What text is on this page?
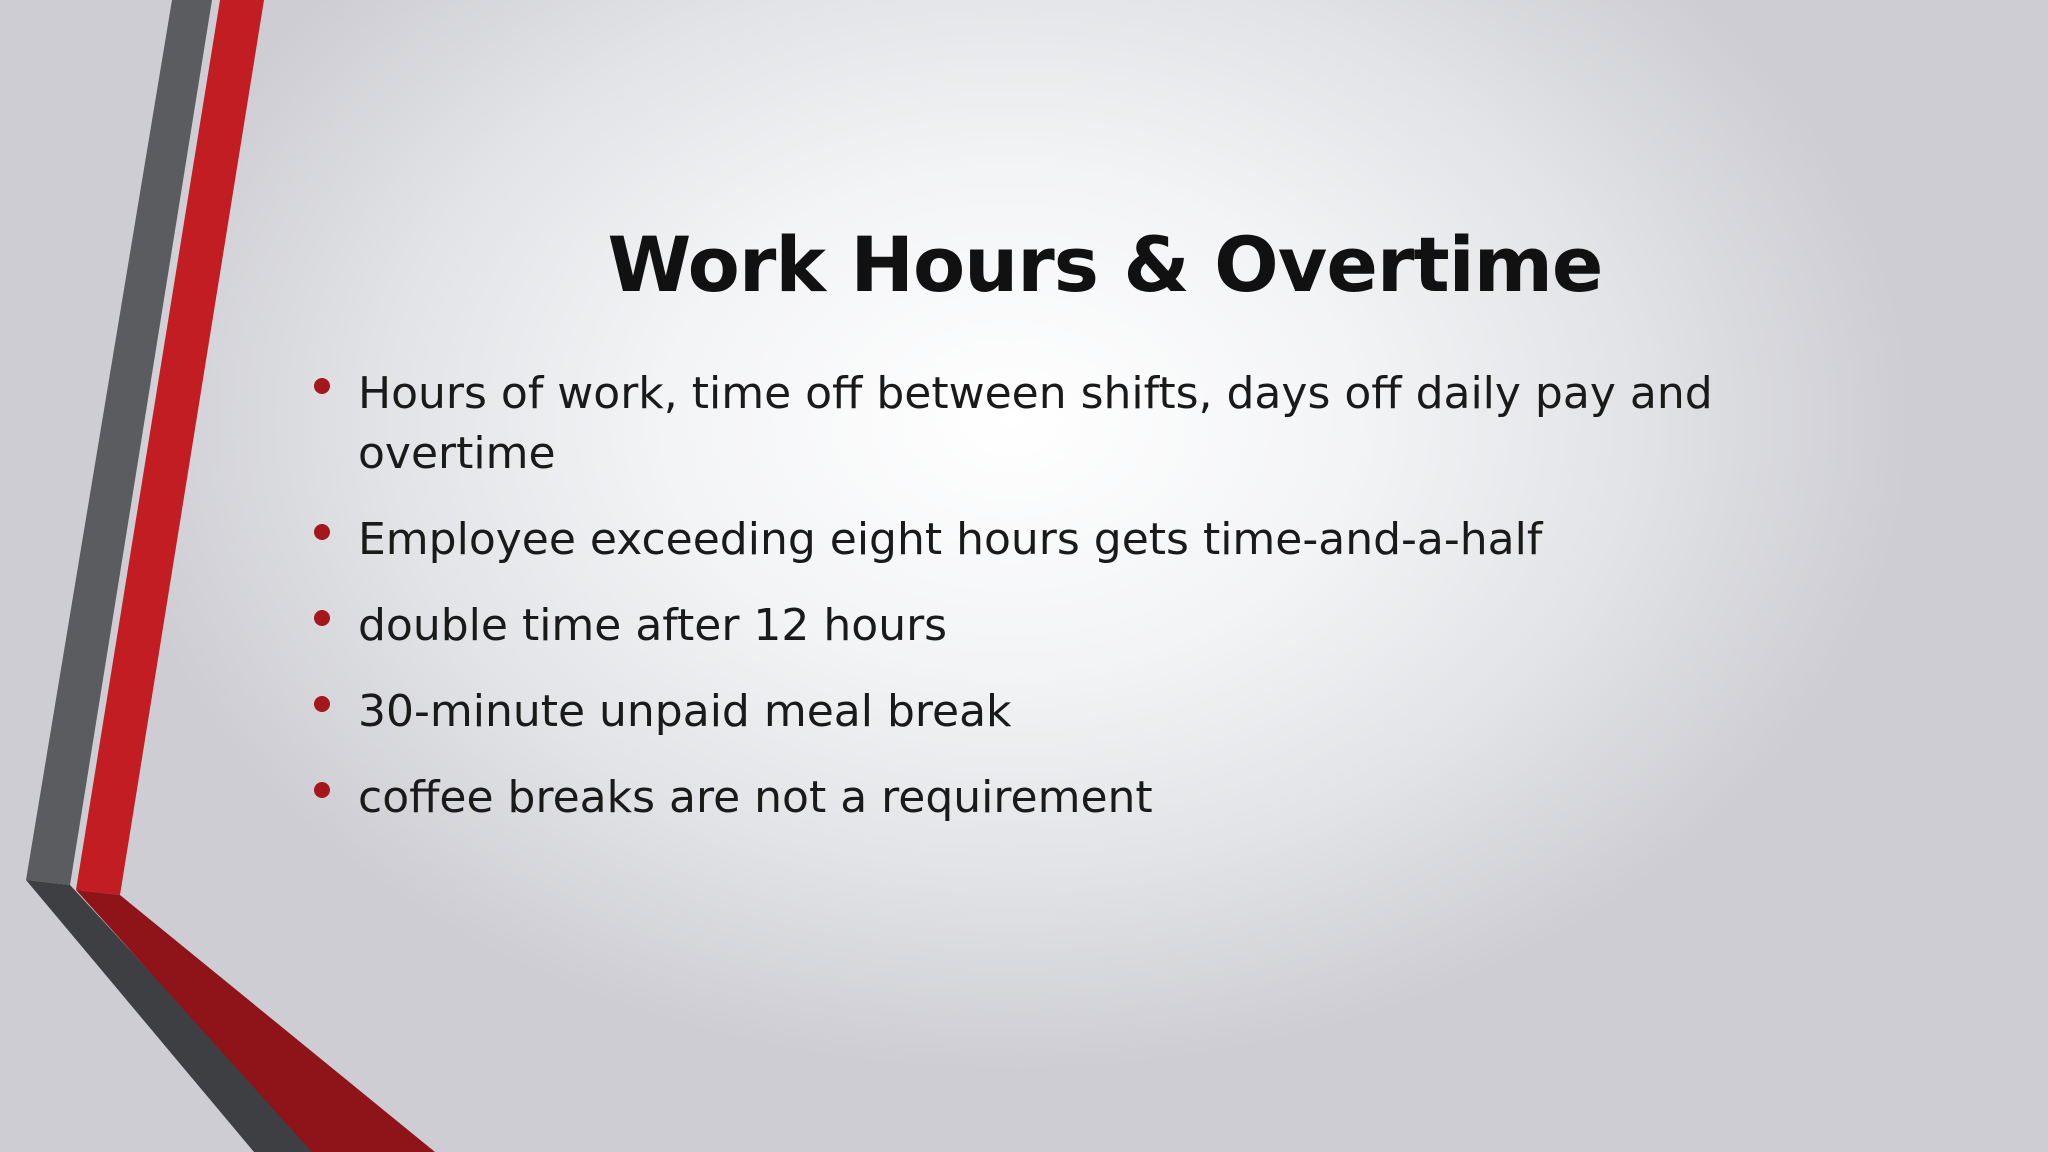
Work Hours & Overtime
Hours of work, time off between shifts, days off daily pay and overtime
Employee exceeding eight hours gets time-and-a-half
double time after 12 hours
30-minute unpaid meal break
coffee breaks are not a requirement
